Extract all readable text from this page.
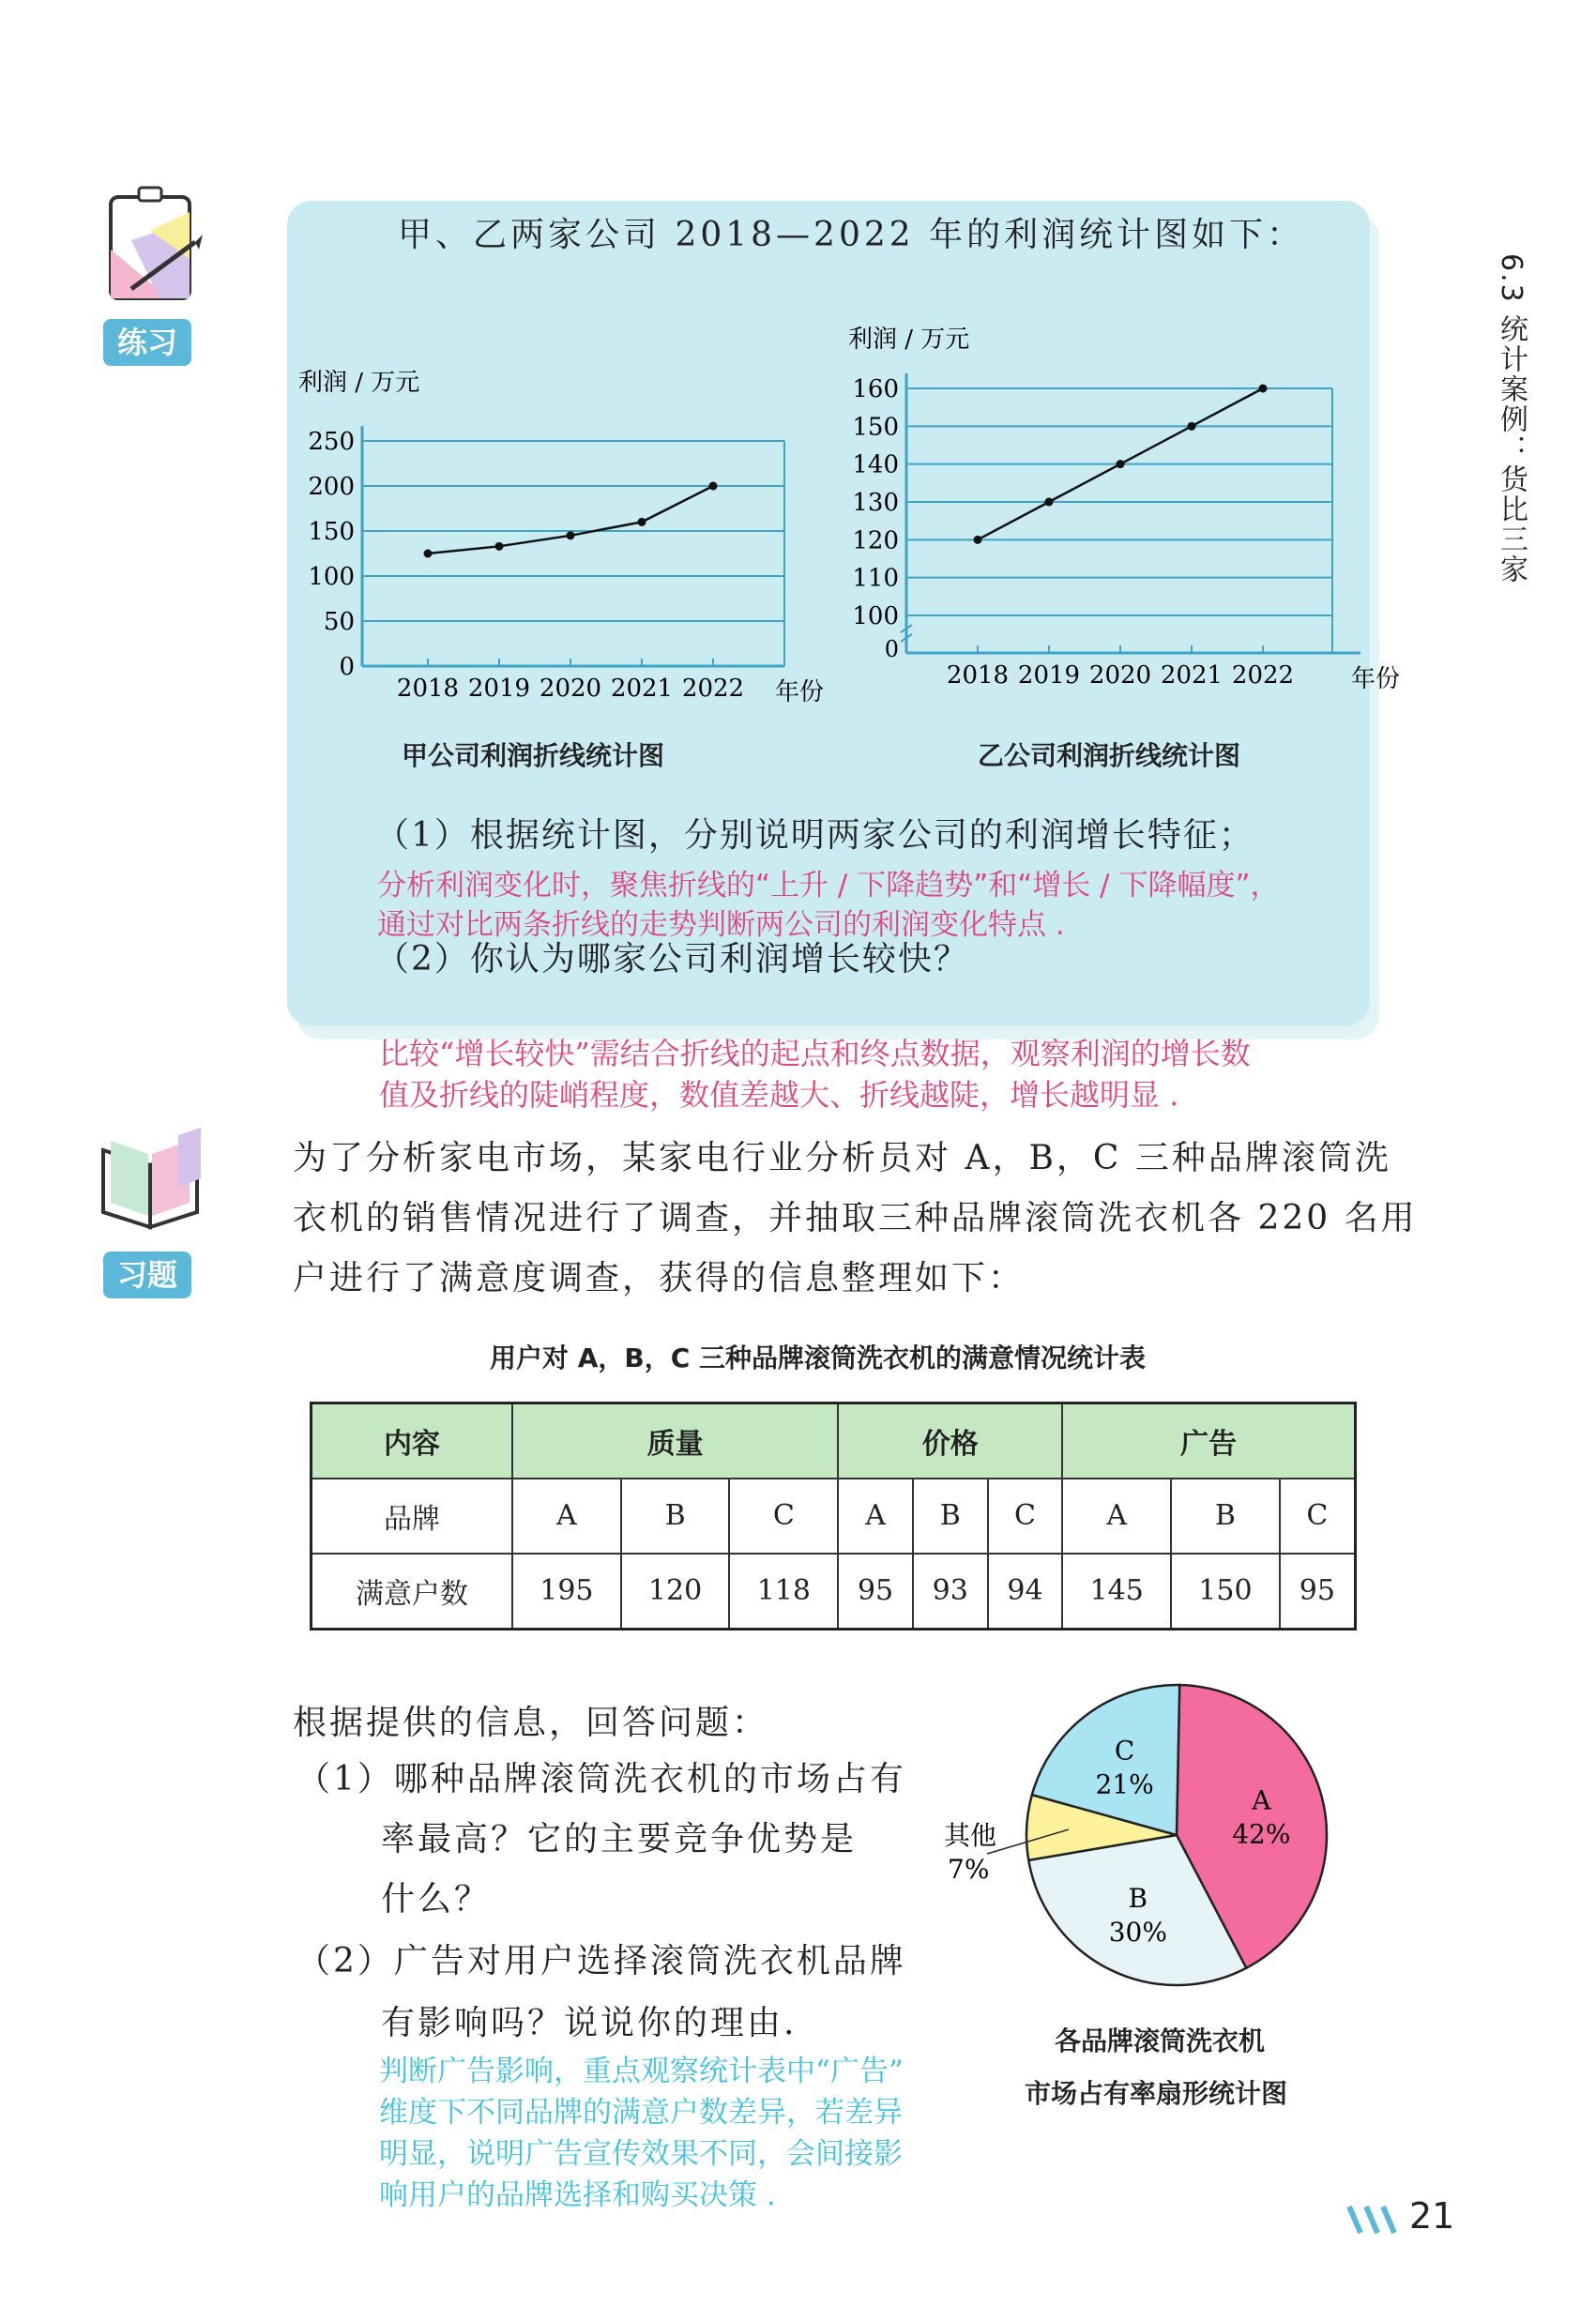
6.3 统计案例：货比三家
练习
甲、乙两家公司 2018—2022 年的利润统计图如下：
0
50
100
150
200
250
2018 2019 2020 2021 2022 年份
利润 / 万元
甲公司利润折线统计图
0
100
110
120
130
140
150
160
2018 2019 2020 2021 2022 年份
利润 / 万元
乙公司利润折线统计图
（1）根据统计图，分别说明两家公司的利润增长特征；
分析利润变化时，聚焦折线的“上升 / 下降趋势”和“增长 / 下降幅度”，
通过对比两条折线的走势判断两公司的利润变化特点 .
（2）你认为哪家公司利润增长较快？
比较“增长较快”需结合折线的起点和终点数据，观察利润的增长数
值及折线的陡峭程度，数值差越大、折线越陡，增长越明显 .
习题
为了分析家电市场，某家电行业分析员对 A，B，C 三种品牌滚筒洗
衣机的销售情况进行了调查，并抽取三种品牌滚筒洗衣机各 220 名用
户进行了满意度调查，获得的信息整理如下：
用户对 A，B，C 三种品牌滚筒洗衣机的满意情况统计表
内容	质量			价格			广告		
品牌	A	B	C	A	B	C	A	B	C
满意户数	195	120	118	95	93	94	145	150	95
根据提供的信息，回答问题：
（1）哪种品牌滚筒洗衣机的市场占有
率最高？它的主要竞争优势是
什么？
（2）广告对用户选择滚筒洗衣机品牌
有影响吗？说说你的理由.
判断广告影响，重点观察统计表中“广告”
维度下不同品牌的满意户数差异，若差异
明显，说明广告宣传效果不同，会间接影
响用户的品牌选择和购买决策 .
A
42%
B
30%
其他
7%
C
21%
各品牌滚筒洗衣机
市场占有率扇形统计图
21
